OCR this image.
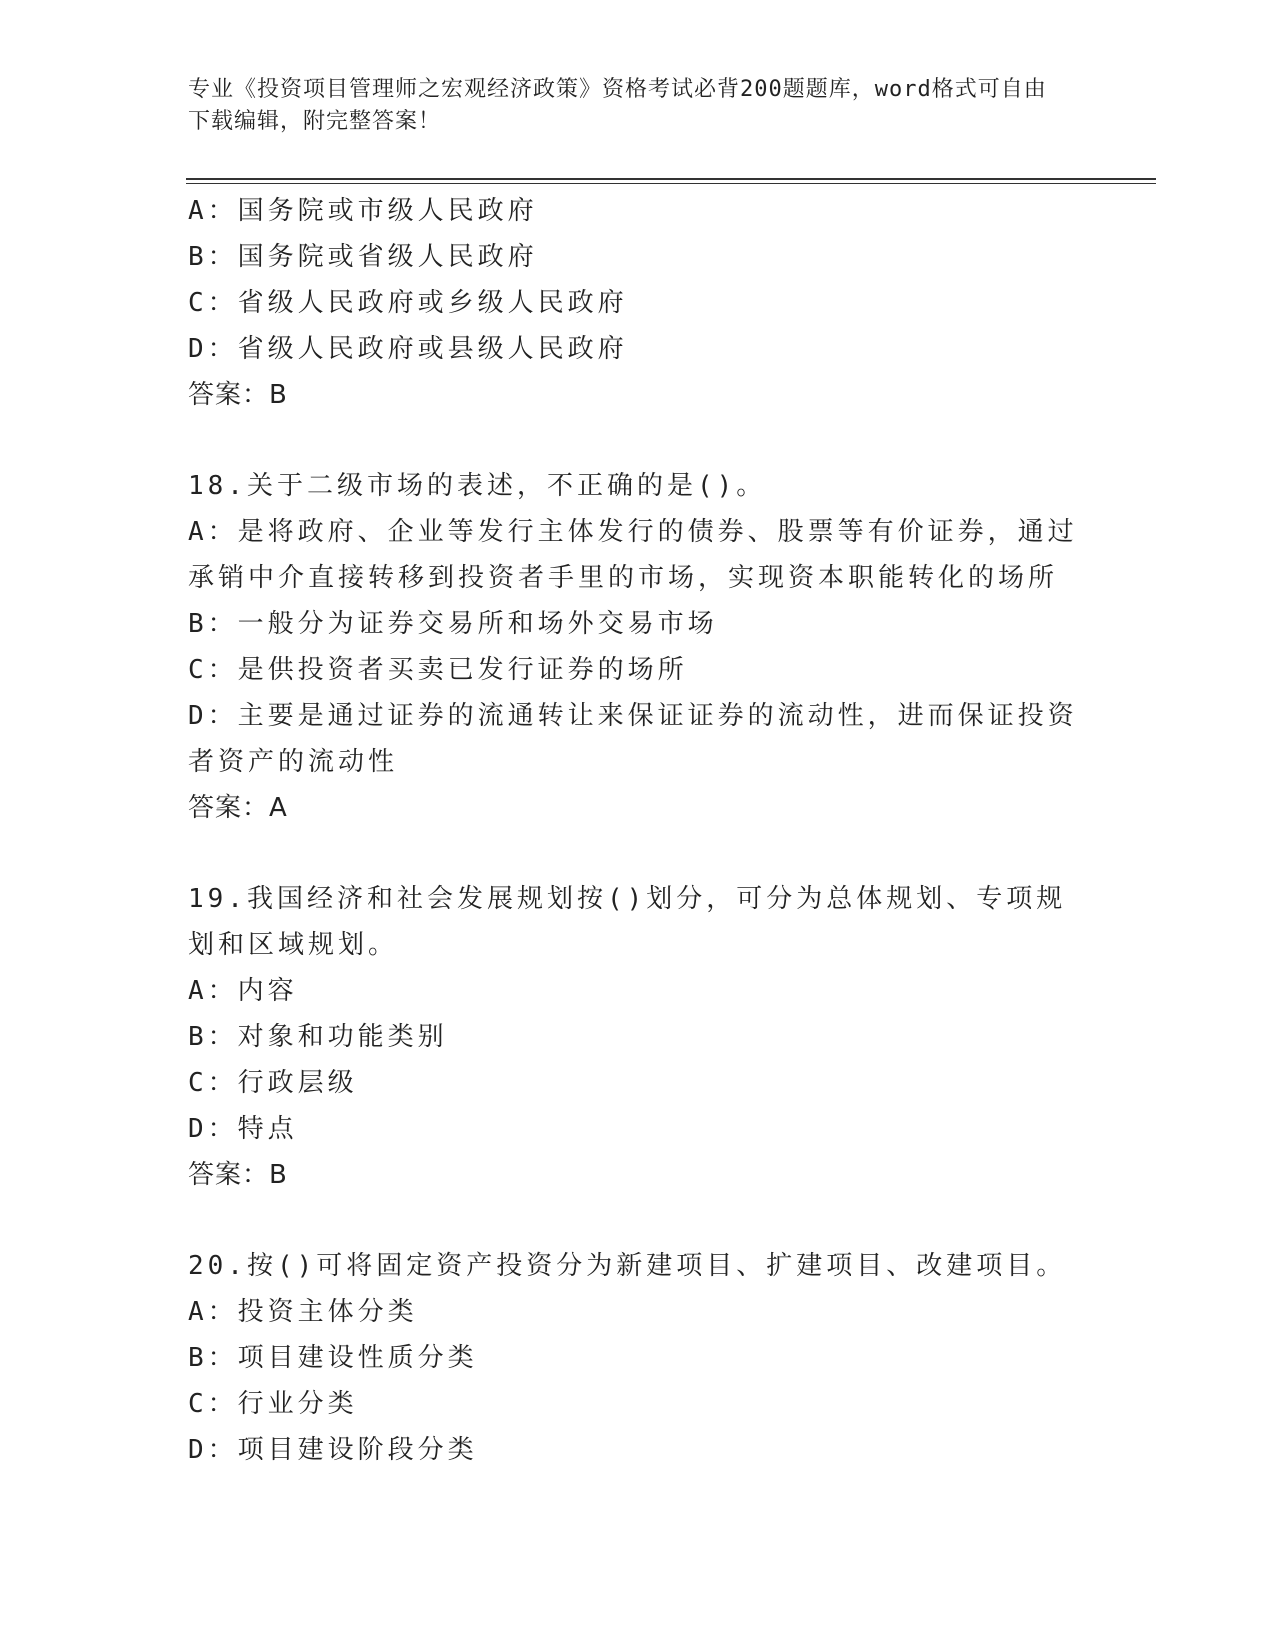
专业《投资项目管理师之宏观经济政策》资格考试必背200题题库，word格式可自由下载编辑，附完整答案！

A：国务院或市级人民政府

B：国务院或省级人民政府

C：省级人民政府或乡级人民政府

D：省级人民政府或县级人民政府

答案：B

18.关于二级市场的表述，不正确的是()。

A：是将政府、企业等发行主体发行的债券、股票等有价证券，通过承销中介直接转移到投资者手里的市场，实现资本职能转化的场所

B：一般分为证券交易所和场外交易市场

C：是供投资者买卖已发行证券的场所

D：主要是通过证券的流通转让来保证证券的流动性，进而保证投资者资产的流动性

答案：A

19.我国经济和社会发展规划按()划分，可分为总体规划、专项规划和区域规划。

A：内容

B：对象和功能类别

C：行政层级

D：特点

答案：B

20.按()可将固定资产投资分为新建项目、扩建项目、改建项目。

A：投资主体分类

B：项目建设性质分类

C：行业分类

D：项目建设阶段分类
